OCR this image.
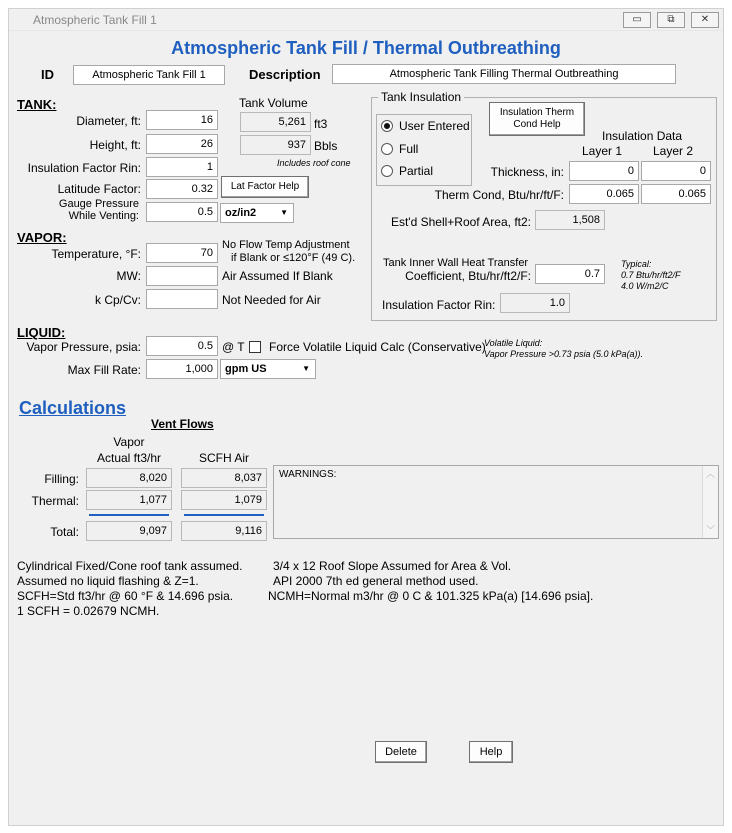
Atmospheric Tank Fill 1	▭	⧉	✕
Atmospheric Tank Fill / Thermal Outbreathing
ID	Atmospheric Tank Fill 1	Description	Atmospheric Tank Filling Thermal Outbreathing
TANK:
Diameter, ft:	16
Height, ft:	26
Insulation Factor Rin:	1
Latitude Factor:	0.32	Lat Factor Help
Gauge Pressure
While Venting:	0.5	oz/in2	▼
Tank Volume
5,261 ft3
937 Bbls
Includes roof cone
Tank Insulation
User Entered
Full
Partial
Insulation Therm Cond Help
Insulation Data
Layer 1	Layer 2
Thickness, in:	0	0
Therm Cond, Btu/hr/ft/F:	0.065	0.065
Est'd Shell+Roof Area, ft2:	1,508
Tank Inner Wall Heat Transfer
Coefficient, Btu/hr/ft2/F:	0.7
Typical:
0.7 Btu/hr/ft2/F
4.0 W/m2/C
Insulation Factor Rin:	1.0
VAPOR:
Temperature, °F:	70
No Flow Temp Adjustment
if Blank or ≤120°F (49 C).
MW:	Air Assumed If Blank
k Cp/Cv:	Not Needed for Air
LIQUID:
Vapor Pressure, psia:	0.5 @ T Force Volatile Liquid Calc (Conservative)
Volatile Liquid:
Vapor Pressure >0.73 psia (5.0 kPa(a)).
Max Fill Rate:	1,000	gpm US	▼
Calculations
Vent Flows
Vapor
Actual ft3/hr	SCFH Air
Filling:	8,020	8,037
Thermal:	1,077	1,079
Total:	9,097	9,116
WARNINGS:	︿
﹀
Cylindrical Fixed/Cone roof tank assumed.
Assumed no liquid flashing & Z=1.
SCFH=Std ft3/hr @ 60 °F & 14.696 psia.
1 SCFH = 0.02679 NCMH.
3/4 x 12 Roof Slope Assumed for Area & Vol.
API 2000 7th ed general method used.
NCMH=Normal m3/hr @ 0 C & 101.325 kPa(a) [14.696 psia].
Delete	Help
